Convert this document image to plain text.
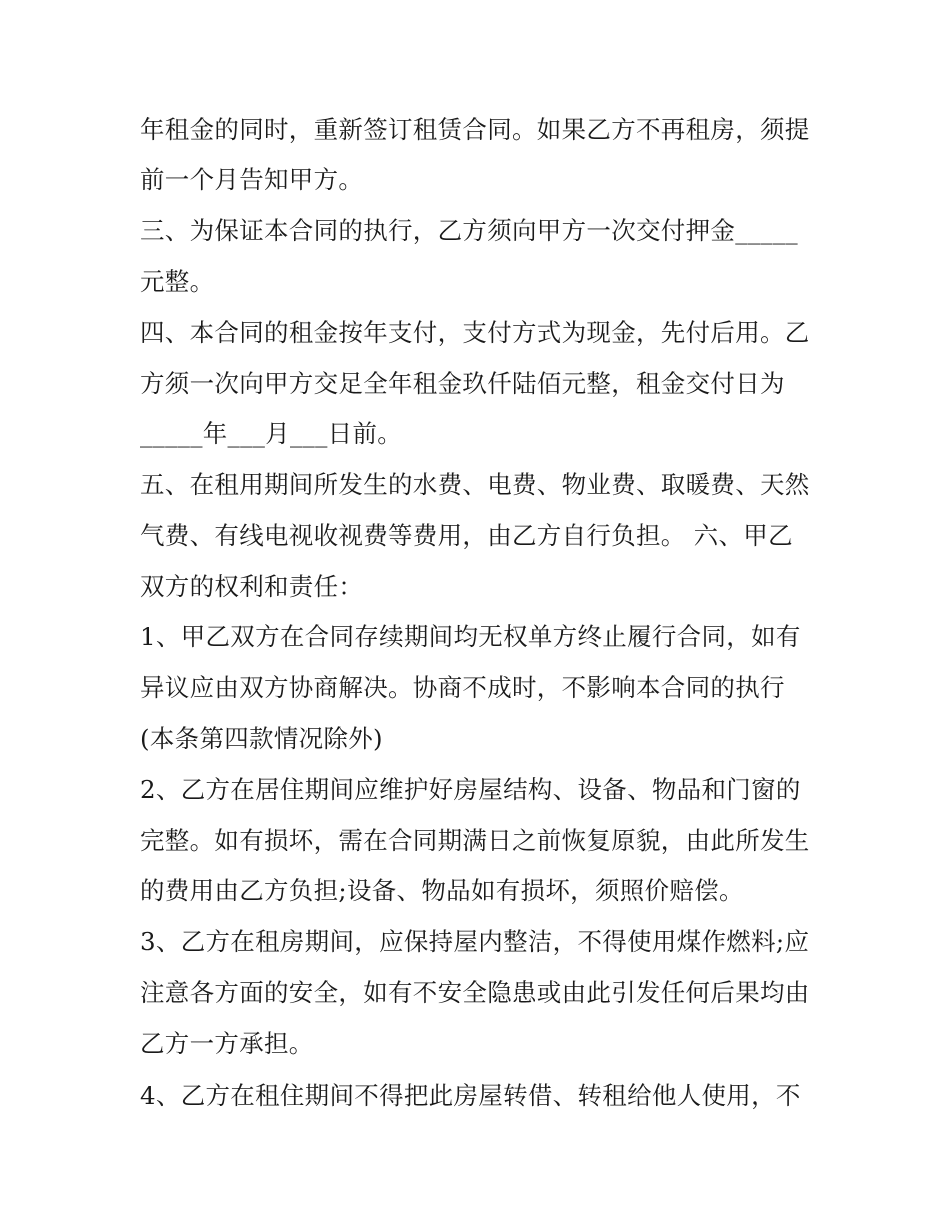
年租金的同时，重新签订租赁合同。如果乙方不再租房，须提
前一个月告知甲方。
三、为保证本合同的执行，乙方须向甲方一次交付押金_____
元整。
四、本合同的租金按年支付，支付方式为现金，先付后用。乙
方须一次向甲方交足全年租金玖仟陆佰元整，租金交付日为
_____年___月___日前。
五、在租用期间所发生的水费、电费、物业费、取暖费、天然
气费、有线电视收视费等费用，由乙方自行负担。 六、甲乙
双方的权利和责任：
1、甲乙双方在合同存续期间均无权单方终止履行合同，如有
异议应由双方协商解决。协商不成时，不影响本合同的执行
(本条第四款情况除外)
2、乙方在居住期间应维护好房屋结构、设备、物品和门窗的
完整。如有损坏，需在合同期满日之前恢复原貌，由此所发生
的费用由乙方负担;设备、物品如有损坏，须照价赔偿。
3、乙方在租房期间，应保持屋内整洁，不得使用煤作燃料;应
注意各方面的安全，如有不安全隐患或由此引发任何后果均由
乙方一方承担。
4、乙方在租住期间不得把此房屋转借、转租给他人使用，不
